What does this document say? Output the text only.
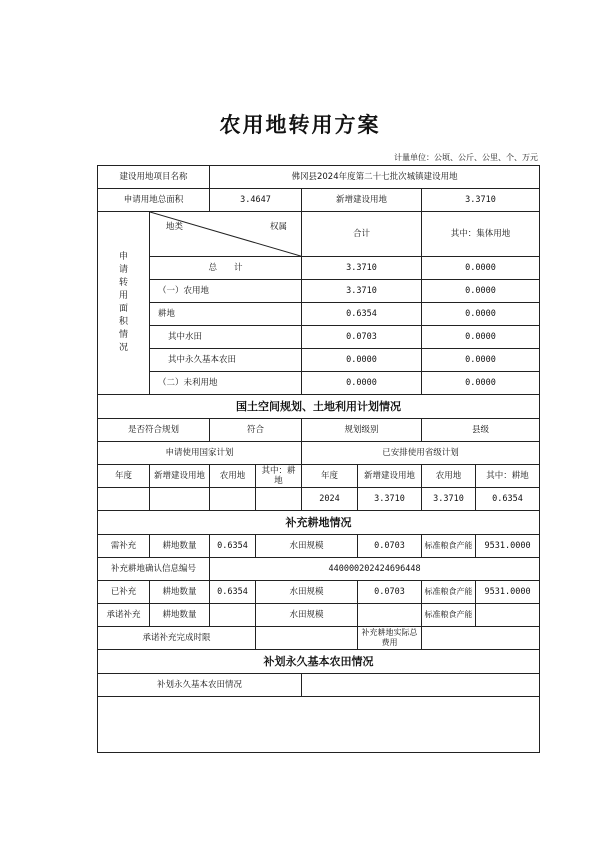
农用地转用方案
计量单位：公顷、公斤、公里、个、万元
建设用地项目名称		佛冈县2024年度第二十七批次城镇建设用地					
申请用地总面积		3.4647		新增建设用地		3.3710	
申请转用面积情况	地类 权属			合计		其中：集体用地	
	总　　计			3.3710		0.0000	
	（一）农用地			3.3710		0.0000	
	耕地			0.6354		0.0000	
	其中水田			0.0703		0.0000	
	其中永久基本农田			0.0000		0.0000	
	（二）未利用地			0.0000		0.0000	
国土空间规划、土地利用计划情况							
是否符合规划		符合		规划级别		县级	
申请使用国家计划				已安排使用省级计划			
年度	新增建设用地	农用地	其中：耕地	年度	新增建设用地	农用地	其中：耕地
				2024	3.3710	3.3710	0.6354
补充耕地情况							
需补充	耕地数量	0.6354	水田规模		0.0703	标准粮食产能	9531.0000
补充耕地确认信息编号		440000202424696448					
已补充	耕地数量	0.6354	水田规模		0.0703	标准粮食产能	9531.0000
承诺补充	耕地数量		水田规模			标准粮食产能	
承诺补充完成时限					补充耕地实际总费用		
补划永久基本农田情况							
补划永久基本农田情况							
